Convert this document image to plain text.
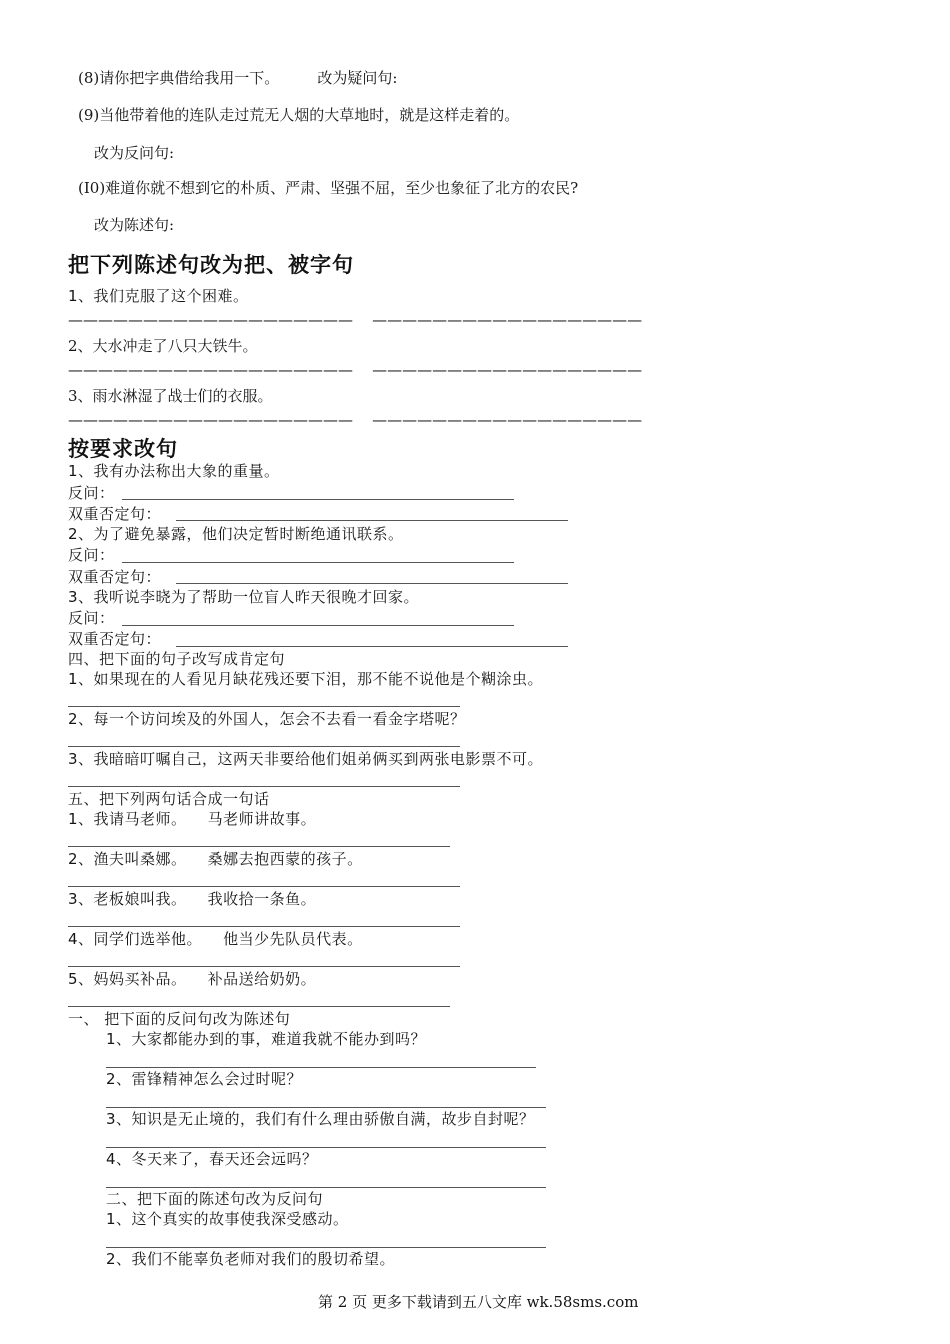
(8)请你把字典借给我用一下。        改为疑问句:
(9)当他带着他的连队走过荒无人烟的大草地时，就是这样走着的。
改为反问句:
(I0)难道你就不想到它的朴质、严肃、坚强不屈，至少也象征了北方的农民?
改为陈述句:
把下列陈述句改为把、被字句
1、我们克服了这个困难。
———————————————————    ——————————————————
2、大水冲走了八只大铁牛。
———————————————————    ——————————————————
3、雨水淋湿了战士们的衣服。
———————————————————    ——————————————————
按要求改句
1、我有办法称出大象的重量。
反问：
双重否定句：
2、为了避免暴露，他们决定暂时断绝通讯联系。
反问：
双重否定句：
3、我听说李晓为了帮助一位盲人昨天很晚才回家。
反问：
双重否定句：
四、把下面的句子改写成肯定句
1、如果现在的人看见月缺花残还要下泪，那不能不说他是个糊涂虫。
2、每一个访问埃及的外国人，怎会不去看一看金字塔呢？
3、我暗暗叮嘱自己，这两天非要给他们姐弟俩买到两张电影票不可。
五、把下列两句话合成一句话
1、我请马老师。    马老师讲故事。
2、渔夫叫桑娜。    桑娜去抱西蒙的孩子。
3、老板娘叫我。    我收拾一条鱼。
4、同学们选举他。    他当少先队员代表。
5、妈妈买补品。    补品送给奶奶。
一、 把下面的反问句改为陈述句
1、大家都能办到的事，难道我就不能办到吗？
2、雷锋精神怎么会过时呢？
3、知识是无止境的，我们有什么理由骄傲自满，故步自封呢？
4、冬天来了，春天还会远吗？
二、把下面的陈述句改为反问句
1、这个真实的故事使我深受感动。
2、我们不能辜负老师对我们的殷切希望。
第 2 页 更多下载请到五八文库 wk.58sms.com
